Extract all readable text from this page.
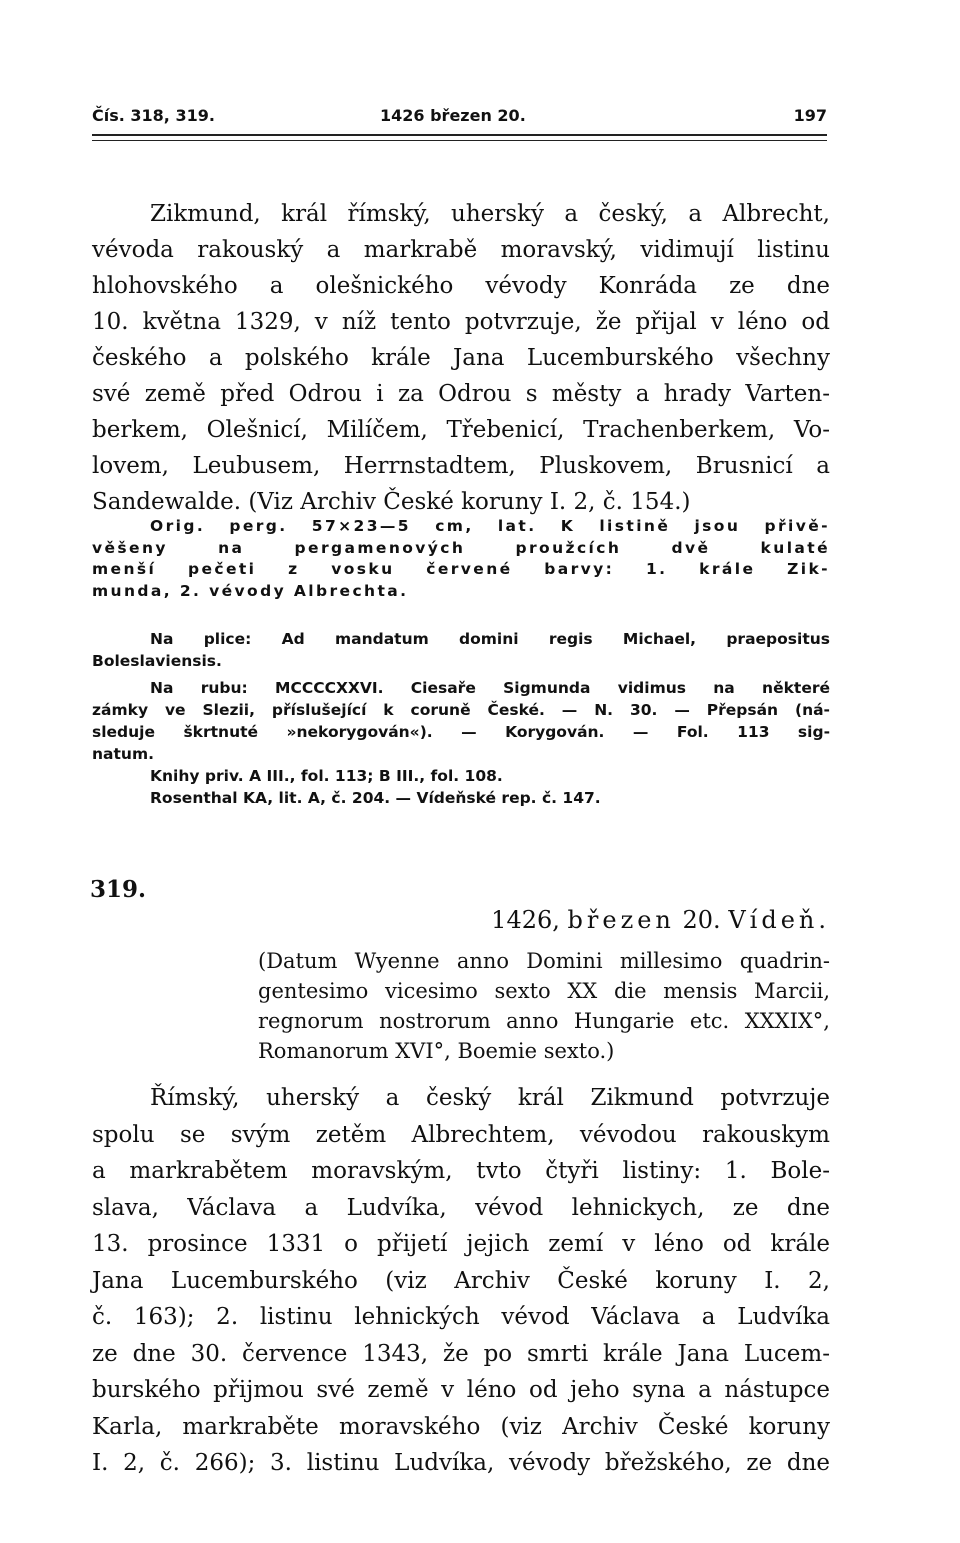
Čís. 318, 319.	1426 březen 20.	197
Zikmund, král římský, uherský a český, a Albrecht,
vévoda rakouský a markrabě moravský, vidimují listinu
hlohovského a olešnického vévody Konráda ze dne
10. května 1329, v níž tento potvrzuje, že přijal v léno od
českého a polského krále Jana Lucemburského všechny
své země před Odrou i za Odrou s městy a hrady Varten-
berkem, Olešnicí, Milíčem, Třebenicí, Trachenberkem, Vo-
lovem, Leubusem, Herrnstadtem, Pluskovem, Brusnicí a
Sandewalde. (Viz Archiv České koruny I. 2, č. 154.)
Orig. perg. 57×23—5 cm, lat. K listině jsou přivě-
věšeny na pergamenových proužcích dvě kulaté
menší pečeti z vosku červené barvy: 1. krále Zik-
munda, 2. vévody Albrechta.
Na plice: Ad mandatum domini regis Michael, praepositus
Boleslaviensis.
Na rubu: MCCCCXXVI. Ciesaře Sigmunda vidimus na některé
zámky ve Slezii, příslušející k coruně České. — N. 30. — Přepsán (ná-
sleduje škrtnuté »nekorygován«). — Korygován. — Fol. 113 sig-
natum.
Knihy priv. A III., fol. 113; B III., fol. 108.
Rosenthal KA, lit. A, č. 204. — Vídeňské rep. č. 147.
319.
1426, březen 20. Vídeň.
(Datum Wyenne anno Domini millesimo quadrin-
gentesimo vicesimo sexto XX die mensis Marcii,
regnorum nostrorum anno Hungarie etc. XXXIX°,
Romanorum XVI°, Boemie sexto.)
Římský, uherský a český král Zikmund potvrzuje
spolu se svým zetěm Albrechtem, vévodou rakouskym
a markrabětem moravským, tvto čtyři listiny: 1. Bole-
slava, Václava a Ludvíka, vévod lehnickych, ze dne
13. prosince 1331 o přijetí jejich zemí v léno od krále
Jana Lucemburského (viz Archiv České koruny I. 2,
č. 163); 2. listinu lehnických vévod Václava a Ludvíka
ze dne 30. července 1343, že po smrti krále Jana Lucem-
burského přijmou své země v léno od jeho syna a nástupce
Karla, markraběte moravského (viz Archiv České koruny
I. 2, č. 266); 3. listinu Ludvíka, vévody břežského, ze dne
